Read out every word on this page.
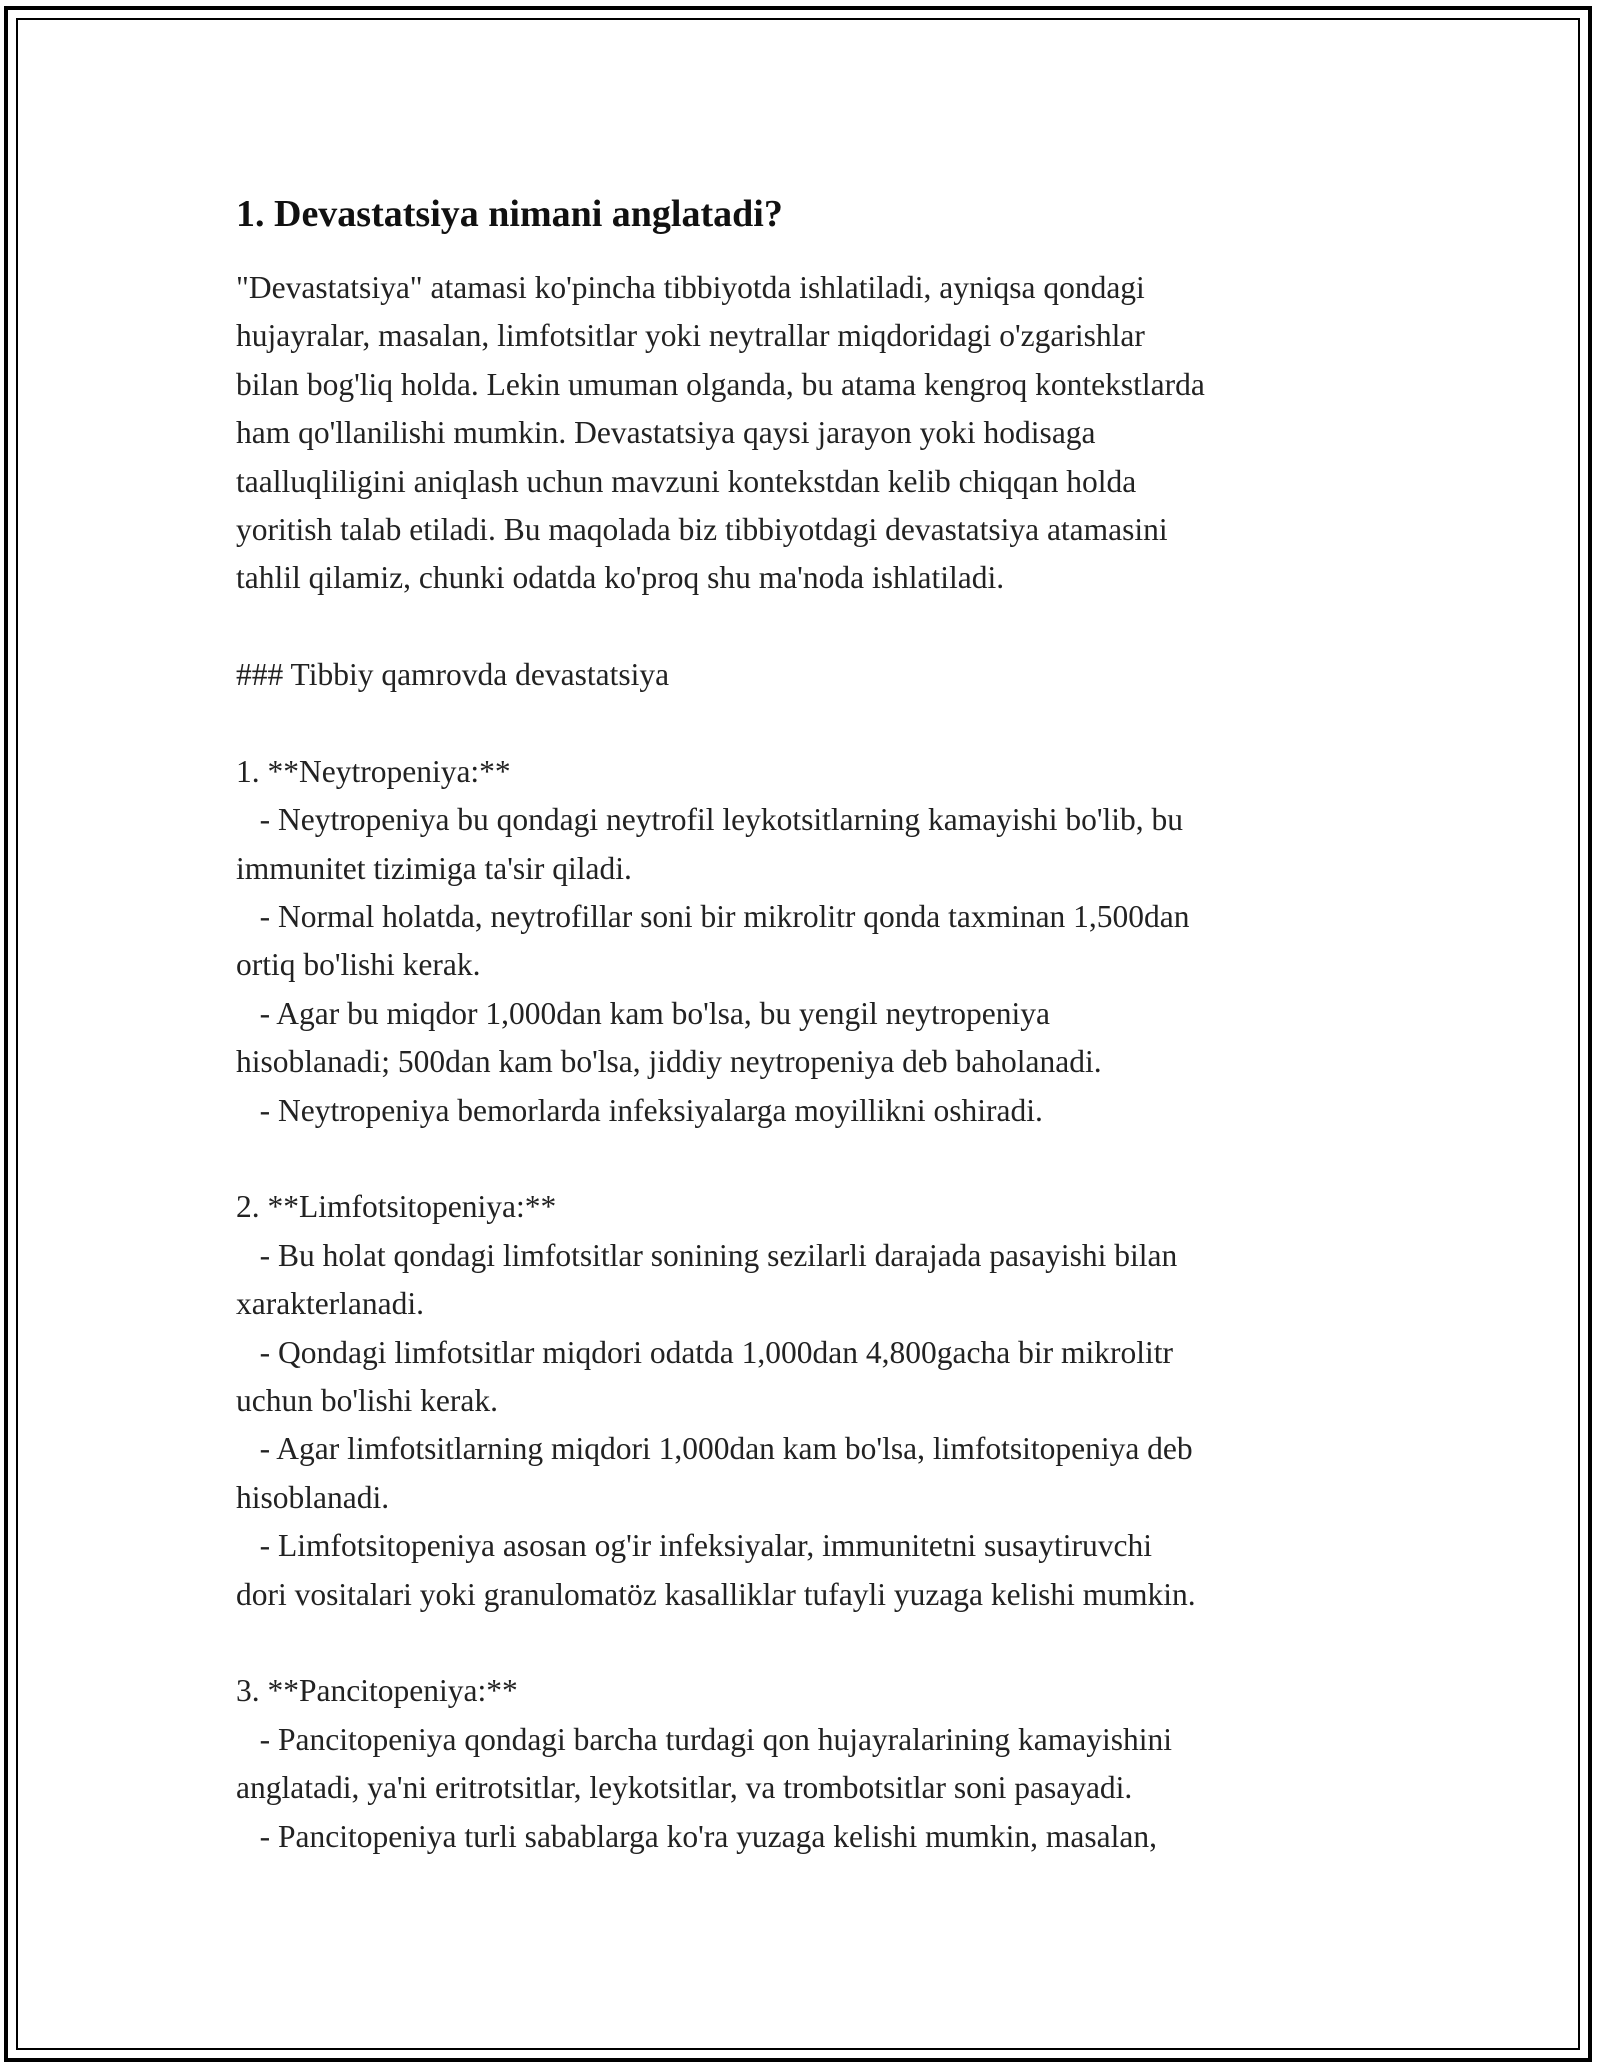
1. Devastatsiya nimani anglatadi?

"Devastatsiya" atamasi ko'pincha tibbiyotda ishlatiladi, ayniqsa qondagi

hujayralar, masalan, limfotsitlar yoki neytrallar miqdoridagi o'zgarishlar

bilan bog'liq holda. Lekin umuman olganda, bu atama kengroq kontekstlarda

ham qo'llanilishi mumkin. Devastatsiya qaysi jarayon yoki hodisaga

taalluqliligini aniqlash uchun mavzuni kontekstdan kelib chiqqan holda

yoritish talab etiladi. Bu maqolada biz tibbiyotdagi devastatsiya atamasini

tahlil qilamiz, chunki odatda ko'proq shu ma'noda ishlatiladi.

### Tibbiy qamrovda devastatsiya

1. **Neytropeniya:**

- Neytropeniya bu qondagi neytrofil leykotsitlarning kamayishi bo'lib, bu

immunitet tizimiga ta'sir qiladi.

- Normal holatda, neytrofillar soni bir mikrolitr qonda taxminan 1,500dan

ortiq bo'lishi kerak.

- Agar bu miqdor 1,000dan kam bo'lsa, bu yengil neytropeniya

hisoblanadi; 500dan kam bo'lsa, jiddiy neytropeniya deb baholanadi.

- Neytropeniya bemorlarda infeksiyalarga moyillikni oshiradi.

2. **Limfotsitopeniya:**

- Bu holat qondagi limfotsitlar sonining sezilarli darajada pasayishi bilan

xarakterlanadi.

- Qondagi limfotsitlar miqdori odatda 1,000dan 4,800gacha bir mikrolitr

uchun bo'lishi kerak.

- Agar limfotsitlarning miqdori 1,000dan kam bo'lsa, limfotsitopeniya deb

hisoblanadi.

- Limfotsitopeniya asosan og'ir infeksiyalar, immunitetni susaytiruvchi

dori vositalari yoki granulomatöz kasalliklar tufayli yuzaga kelishi mumkin.

3. **Pancitopeniya:**

- Pancitopeniya qondagi barcha turdagi qon hujayralarining kamayishini

anglatadi, ya'ni eritrotsitlar, leykotsitlar, va trombotsitlar soni pasayadi.

- Pancitopeniya turli sabablarga ko'ra yuzaga kelishi mumkin, masalan,
